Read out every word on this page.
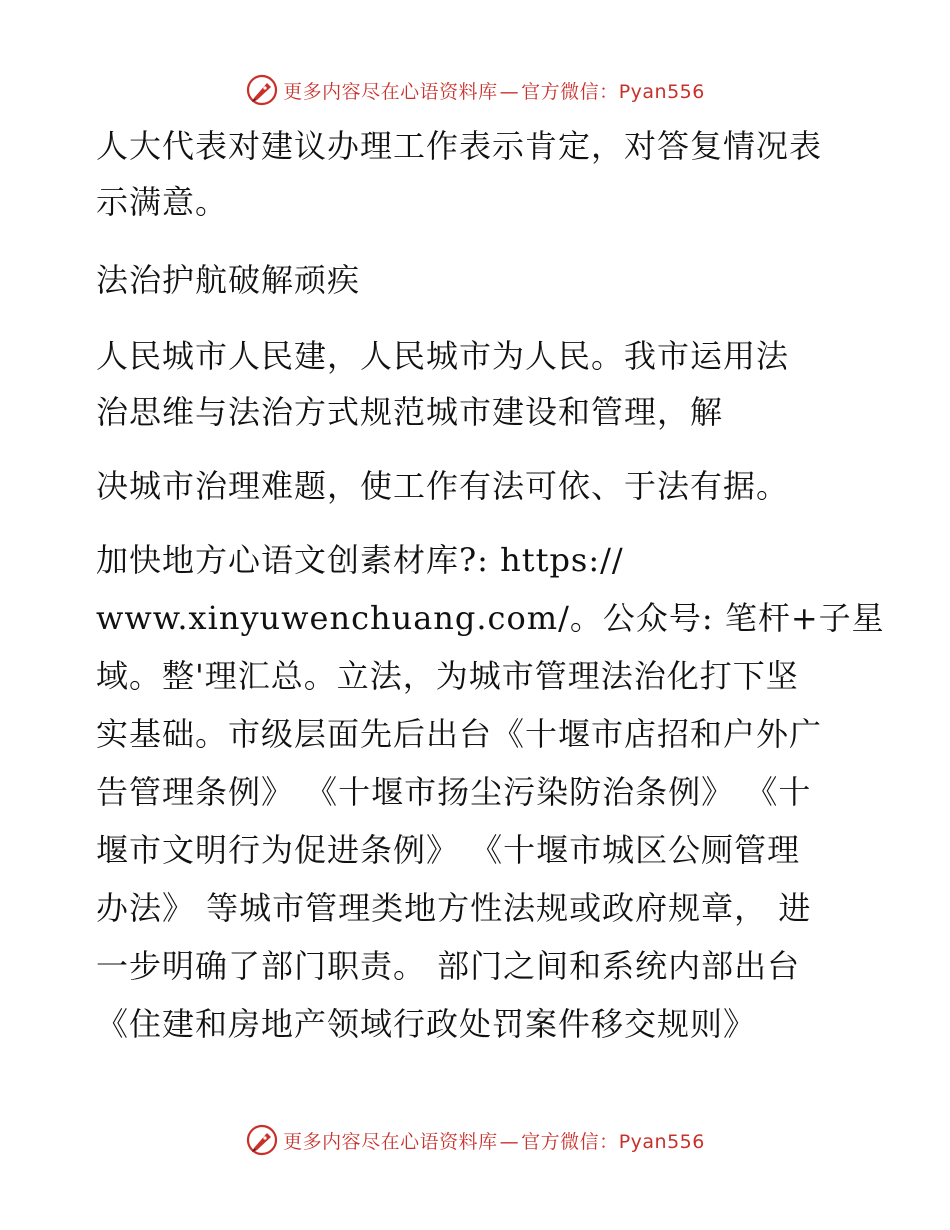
更多内容尽在心语资料库 — 官方微信：Pyan556
人大代表对建议办理工作表示肯定，对答复情况表
示满意。
法治护航破解顽疾
人民城市人民建，人民城市为人民。我市运用法
治思维与法治方式规范城市建设和管理，解
决城市治理难题，使工作有法可依、于法有据。
加快地方心语文创素材库?: https://
www.xinyuwenchuang.com/。公众号: 笔杆+子星
域。整'理汇总。立法，为城市管理法治化打下坚
实基础。市级层面先后出台《十堰市店招和户外广
告管理条例》 《十堰市扬尘污染防治条例》 《十
堰市文明行为促进条例》 《十堰市城区公厕管理
办法》 等城市管理类地方性法规或政府规章， 进
一步明确了部门职责。 部门之间和系统内部出台
《住建和房地产领域行政处罚案件移交规则》
更多内容尽在心语资料库 — 官方微信：Pyan556
